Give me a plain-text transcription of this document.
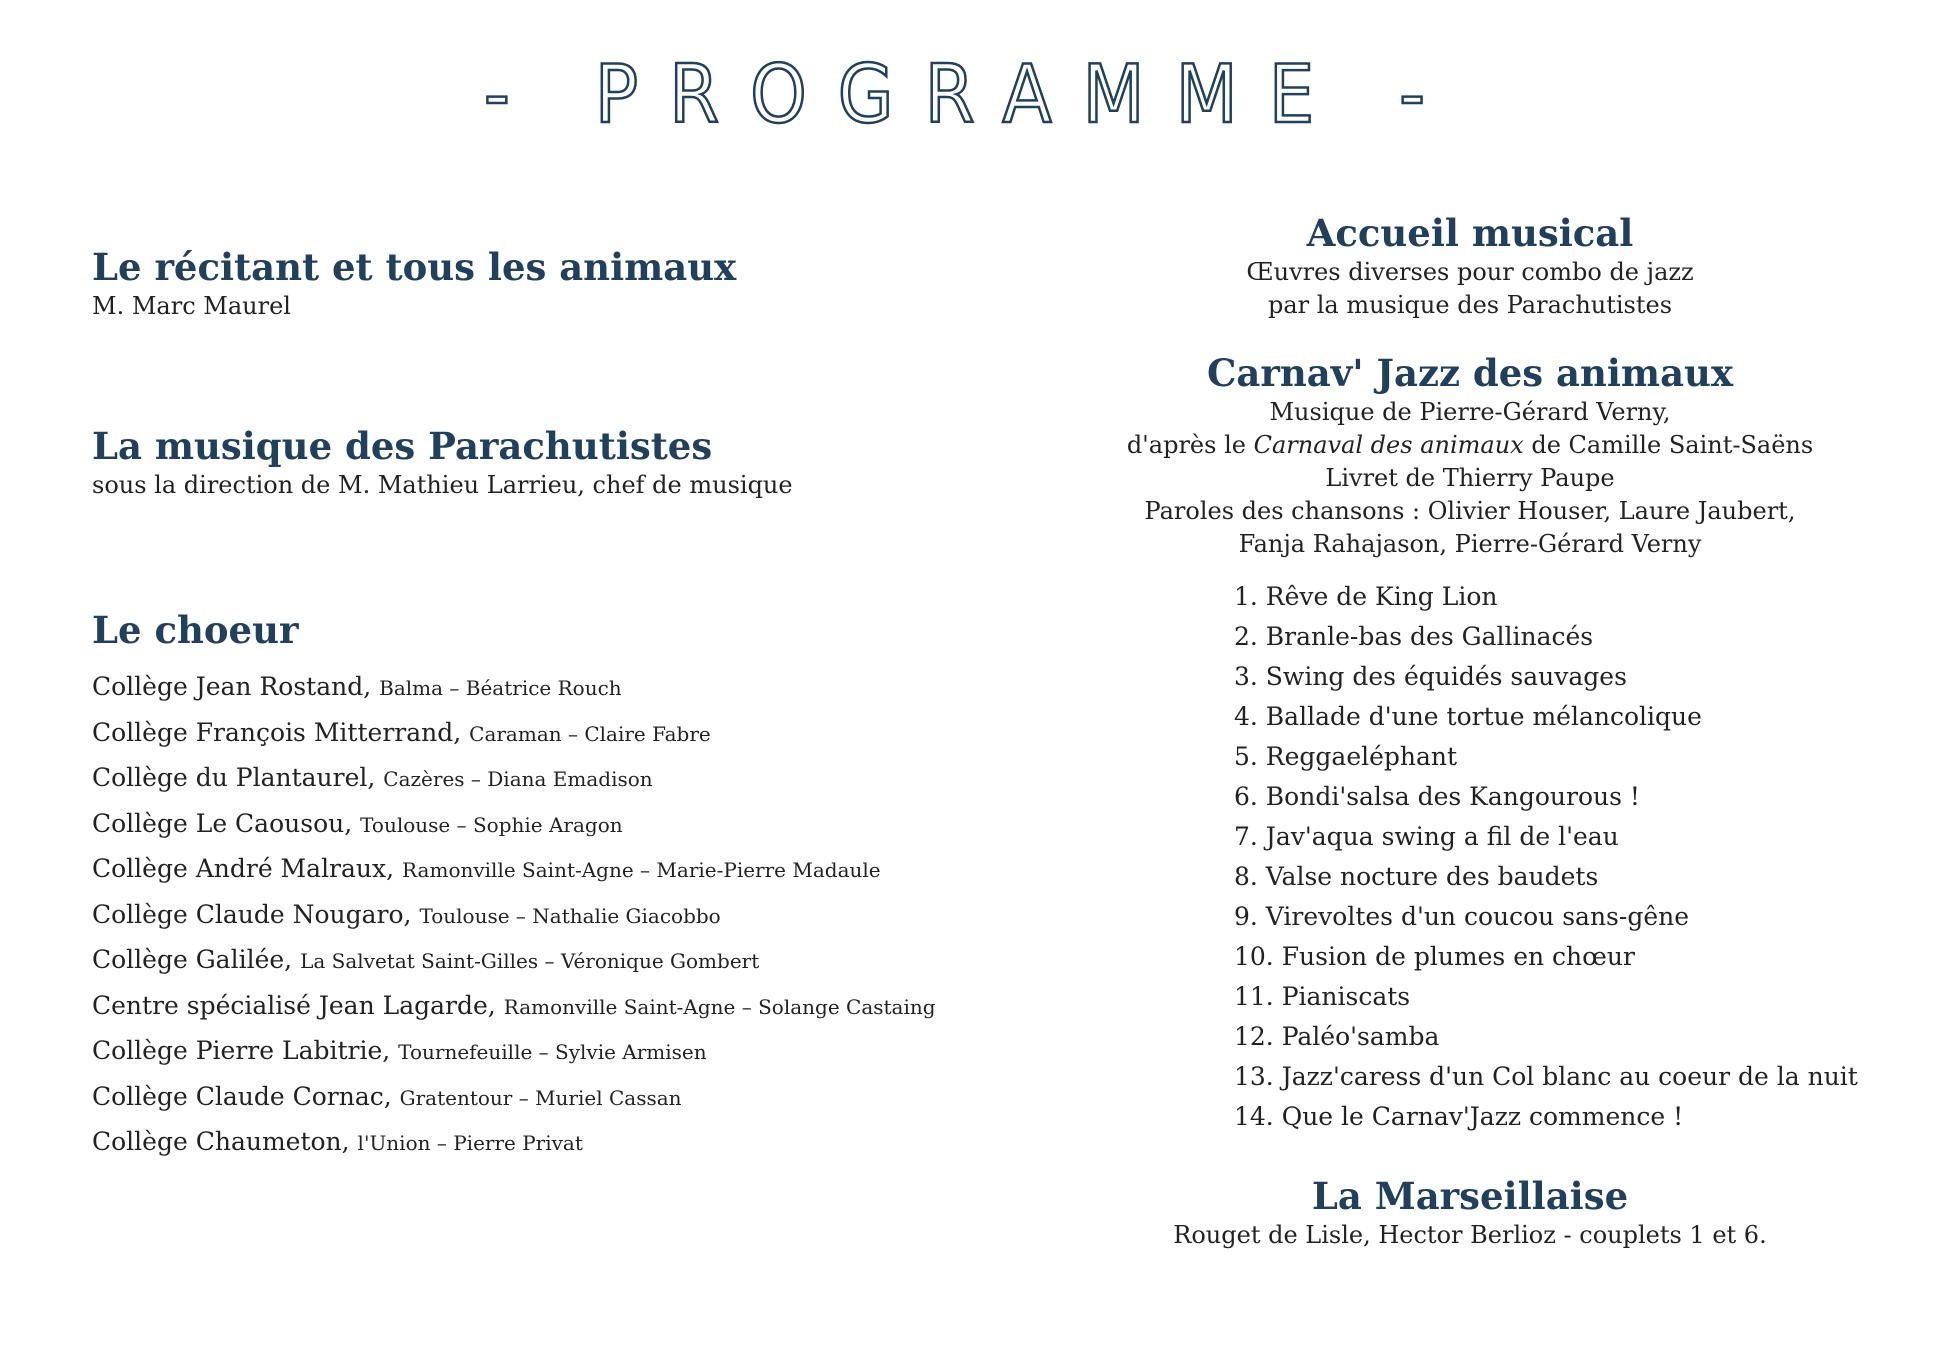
- PROGRAMME -
Le récitant et tous les animaux
M. Marc Maurel
La musique des Parachutistes
sous la direction de M. Mathieu Larrieu, chef de musique
Le choeur
Collège Jean Rostand, Balma – Béatrice Rouch
Collège François Mitterrand, Caraman – Claire Fabre
Collège du Plantaurel, Cazères – Diana Emadison
Collège Le Caousou, Toulouse – Sophie Aragon
Collège André Malraux, Ramonville Saint-Agne – Marie-Pierre Madaule
Collège Claude Nougaro, Toulouse – Nathalie Giacobbo
Collège Galilée, La Salvetat Saint-Gilles – Véronique Gombert
Centre spécialisé Jean Lagarde, Ramonville Saint-Agne – Solange Castaing
Collège Pierre Labitrie, Tournefeuille – Sylvie Armisen
Collège Claude Cornac, Gratentour – Muriel Cassan
Collège Chaumeton, l'Union – Pierre Privat
Accueil musical
Œuvres diverses pour combo de jazz
par la musique des Parachutistes
Carnav' Jazz des animaux
Musique de Pierre-Gérard Verny,
d'après le Carnaval des animaux de Camille Saint-Saëns
Livret de Thierry Paupe
Paroles des chansons : Olivier Houser, Laure Jaubert,
Fanja Rahajason, Pierre-Gérard Verny
1. Rêve de King Lion
2. Branle-bas des Gallinacés
3. Swing des équidés sauvages
4. Ballade d'une tortue mélancolique
5. Reggaeléphant
6. Bondi'salsa des Kangourous !
7. Jav'aqua swing a fil de l'eau
8. Valse nocture des baudets
9. Virevoltes d'un coucou sans-gêne
10. Fusion de plumes en chœur
11. Pianiscats
12. Paléo'samba
13. Jazz'caress d'un Col blanc au coeur de la nuit
14. Que le Carnav'Jazz commence !
La Marseillaise
Rouget de Lisle, Hector Berlioz - couplets 1 et 6.
